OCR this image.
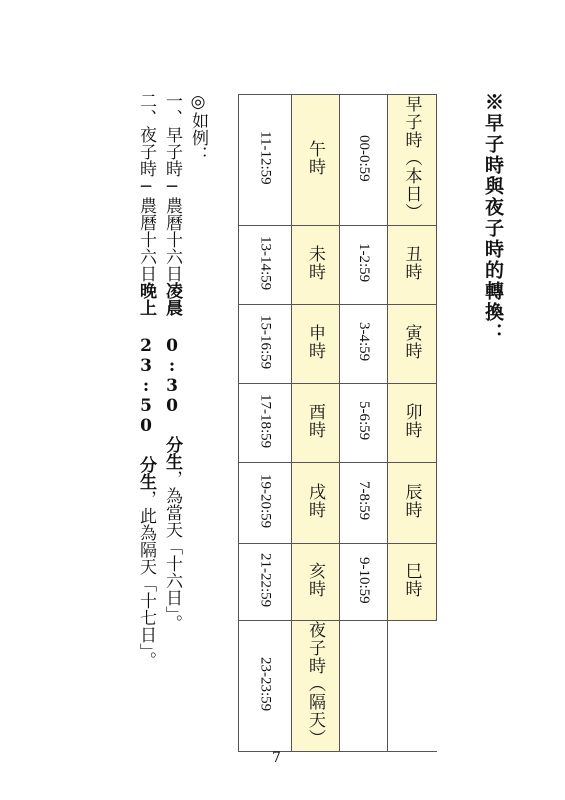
※早子時與夜子時的轉換：
11-12:59	午時	00-0:59	早子時（本日）
13-14:59	未時	1-2:59	丑時
15-16:59	申時	3-4:59	寅時
17-18:59	酉時	5-6:59	卯時
19-20:59	戌時	7-8:59	辰時
21-22:59	亥時	9-10:59	巳時
23-23:59	夜子時（隔天）		
◎如例：
一、早子時─農曆十六日凌晨 0:30 分生，為當天「十六日」。
二、夜子時─農曆十六日晚上 23:50 分生，此為隔天「十七日」。
7
